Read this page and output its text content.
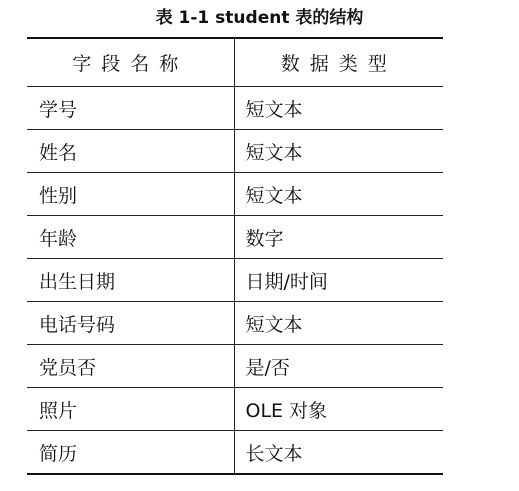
表 1-1 student 表的结构
字段名称	数据类型
学号	短文本
姓名	短文本
性别	短文本
年龄	数字
出生日期	日期/时间
电话号码	短文本
党员否	是/否
照片	OLE 对象
简历	长文本
